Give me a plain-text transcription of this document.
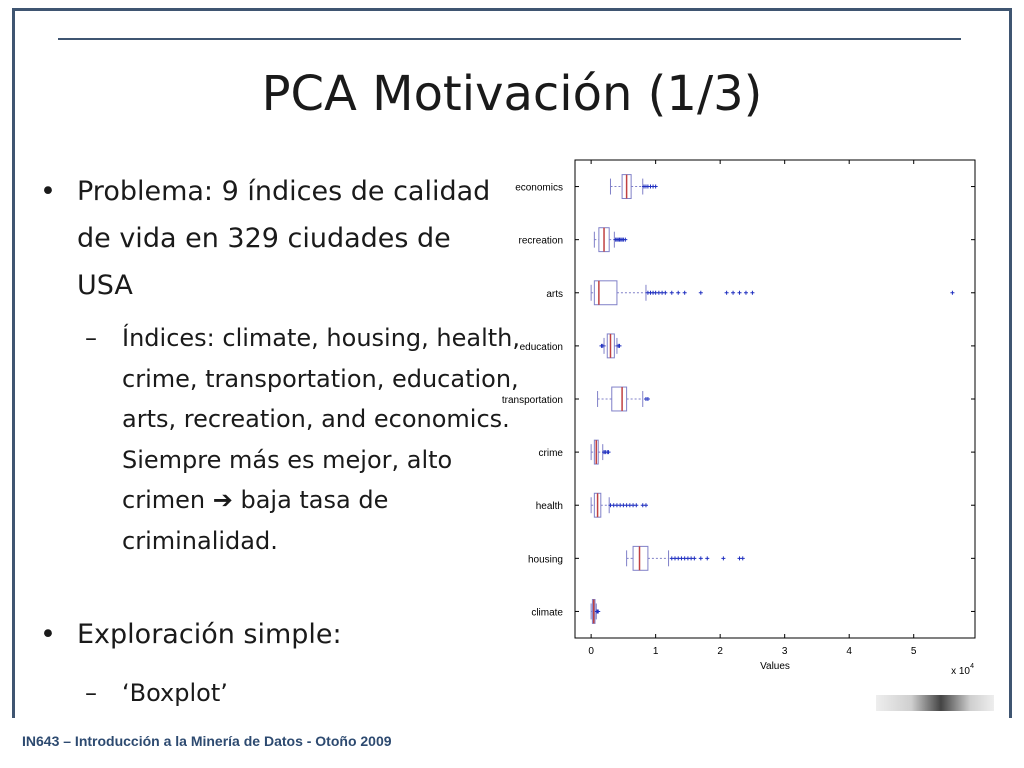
PCA Motivación (1/3)
• Problema: 9 índices de calidad de vida en 329 ciudades de USA
– Índices: climate, housing, health, crime, transportation, education, arts, recreation, and economics. Siempre más es mejor, alto crimen ➔ baja tasa de criminalidad.
• Exploración simple:
– ‘Boxplot’
0	1	2	3	4	5
Values	x 10 4
economics
recreation
arts
education
transportation
crime
health
housing
climate
IN643 – Introducción a la Minería de Datos - Otoño 2009
